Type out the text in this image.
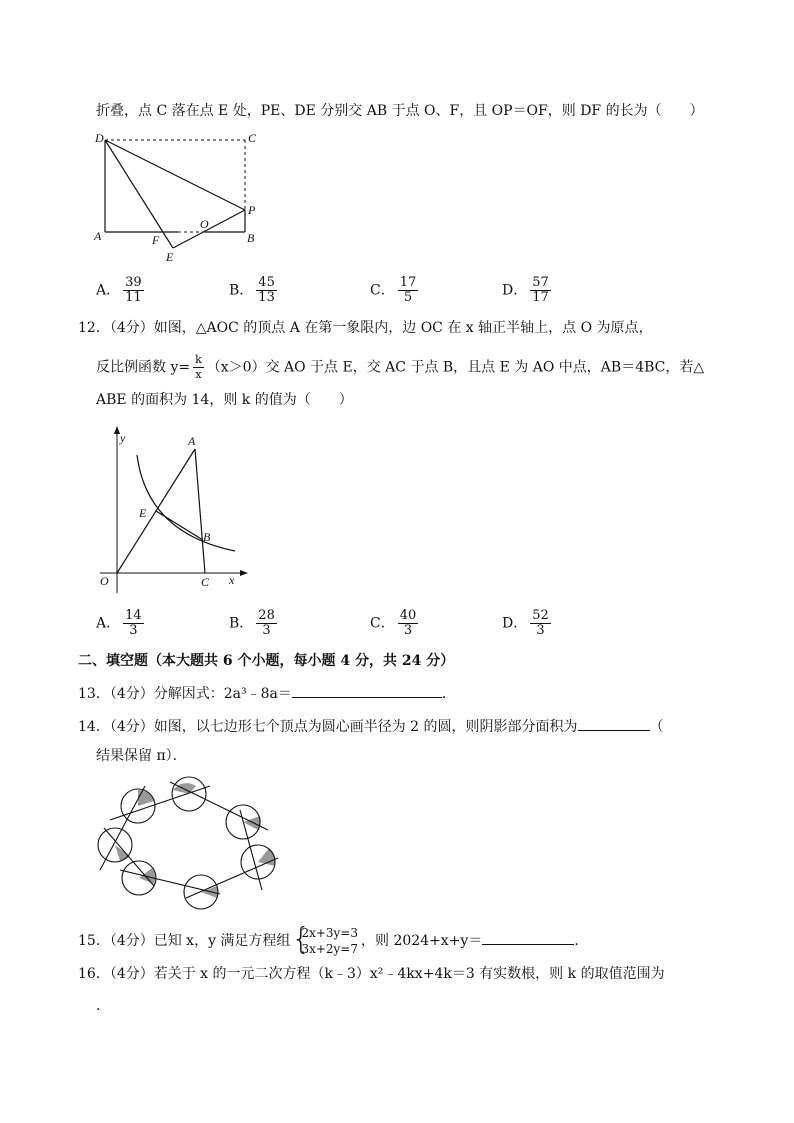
折叠，点 C 落在点 E 处，PE、DE 分别交 AB 于点 O、F，且 OP＝OF，则 DF 的长为（　　）
D	C
A	B
P
O
F
E
A． $\frac{39}{11}$	B． $\frac{45}{13}$	C． $\frac{17}{5}$	D． $\frac{57}{17}$
12．（4分）如图，△AOC 的顶点 A 在第一象限内，边 OC 在 x 轴正半轴上，点 O 为原点，
反比例函数 $y= \frac{k}{x} (x>0)$交 AO 于点 E，交 AC 于点 B，且点 E 为 AO 中点，AB＝4BC，若△
ABE 的面积为 14，则 k 的值为（　　）
y	A
E
B
O	C x
A． $\frac{14}{3}$	B． $\frac{28}{3}$	C． $\frac{40}{3}$	D． $\frac{52}{3}$
二、填空题（本大题共 6 个小题，每小题 4 分，共 24 分）
13．（4分）分解因式：2a³﹣8a＝	．
14．（4分）如图，以七边形七个顶点为圆心画半径为 2 的圆，则阴影部分面积为	（
结果保留 π）．
15．（4分）已知 x，y 满足方程组 {
2x+3y=3
3x+2y=7 ，则 2024+x+y＝	．
16．（4分）若关于 x 的一元二次方程（k﹣3）x²﹣4kx+4k＝3 有实数根，则 k 的取值范围为
．
